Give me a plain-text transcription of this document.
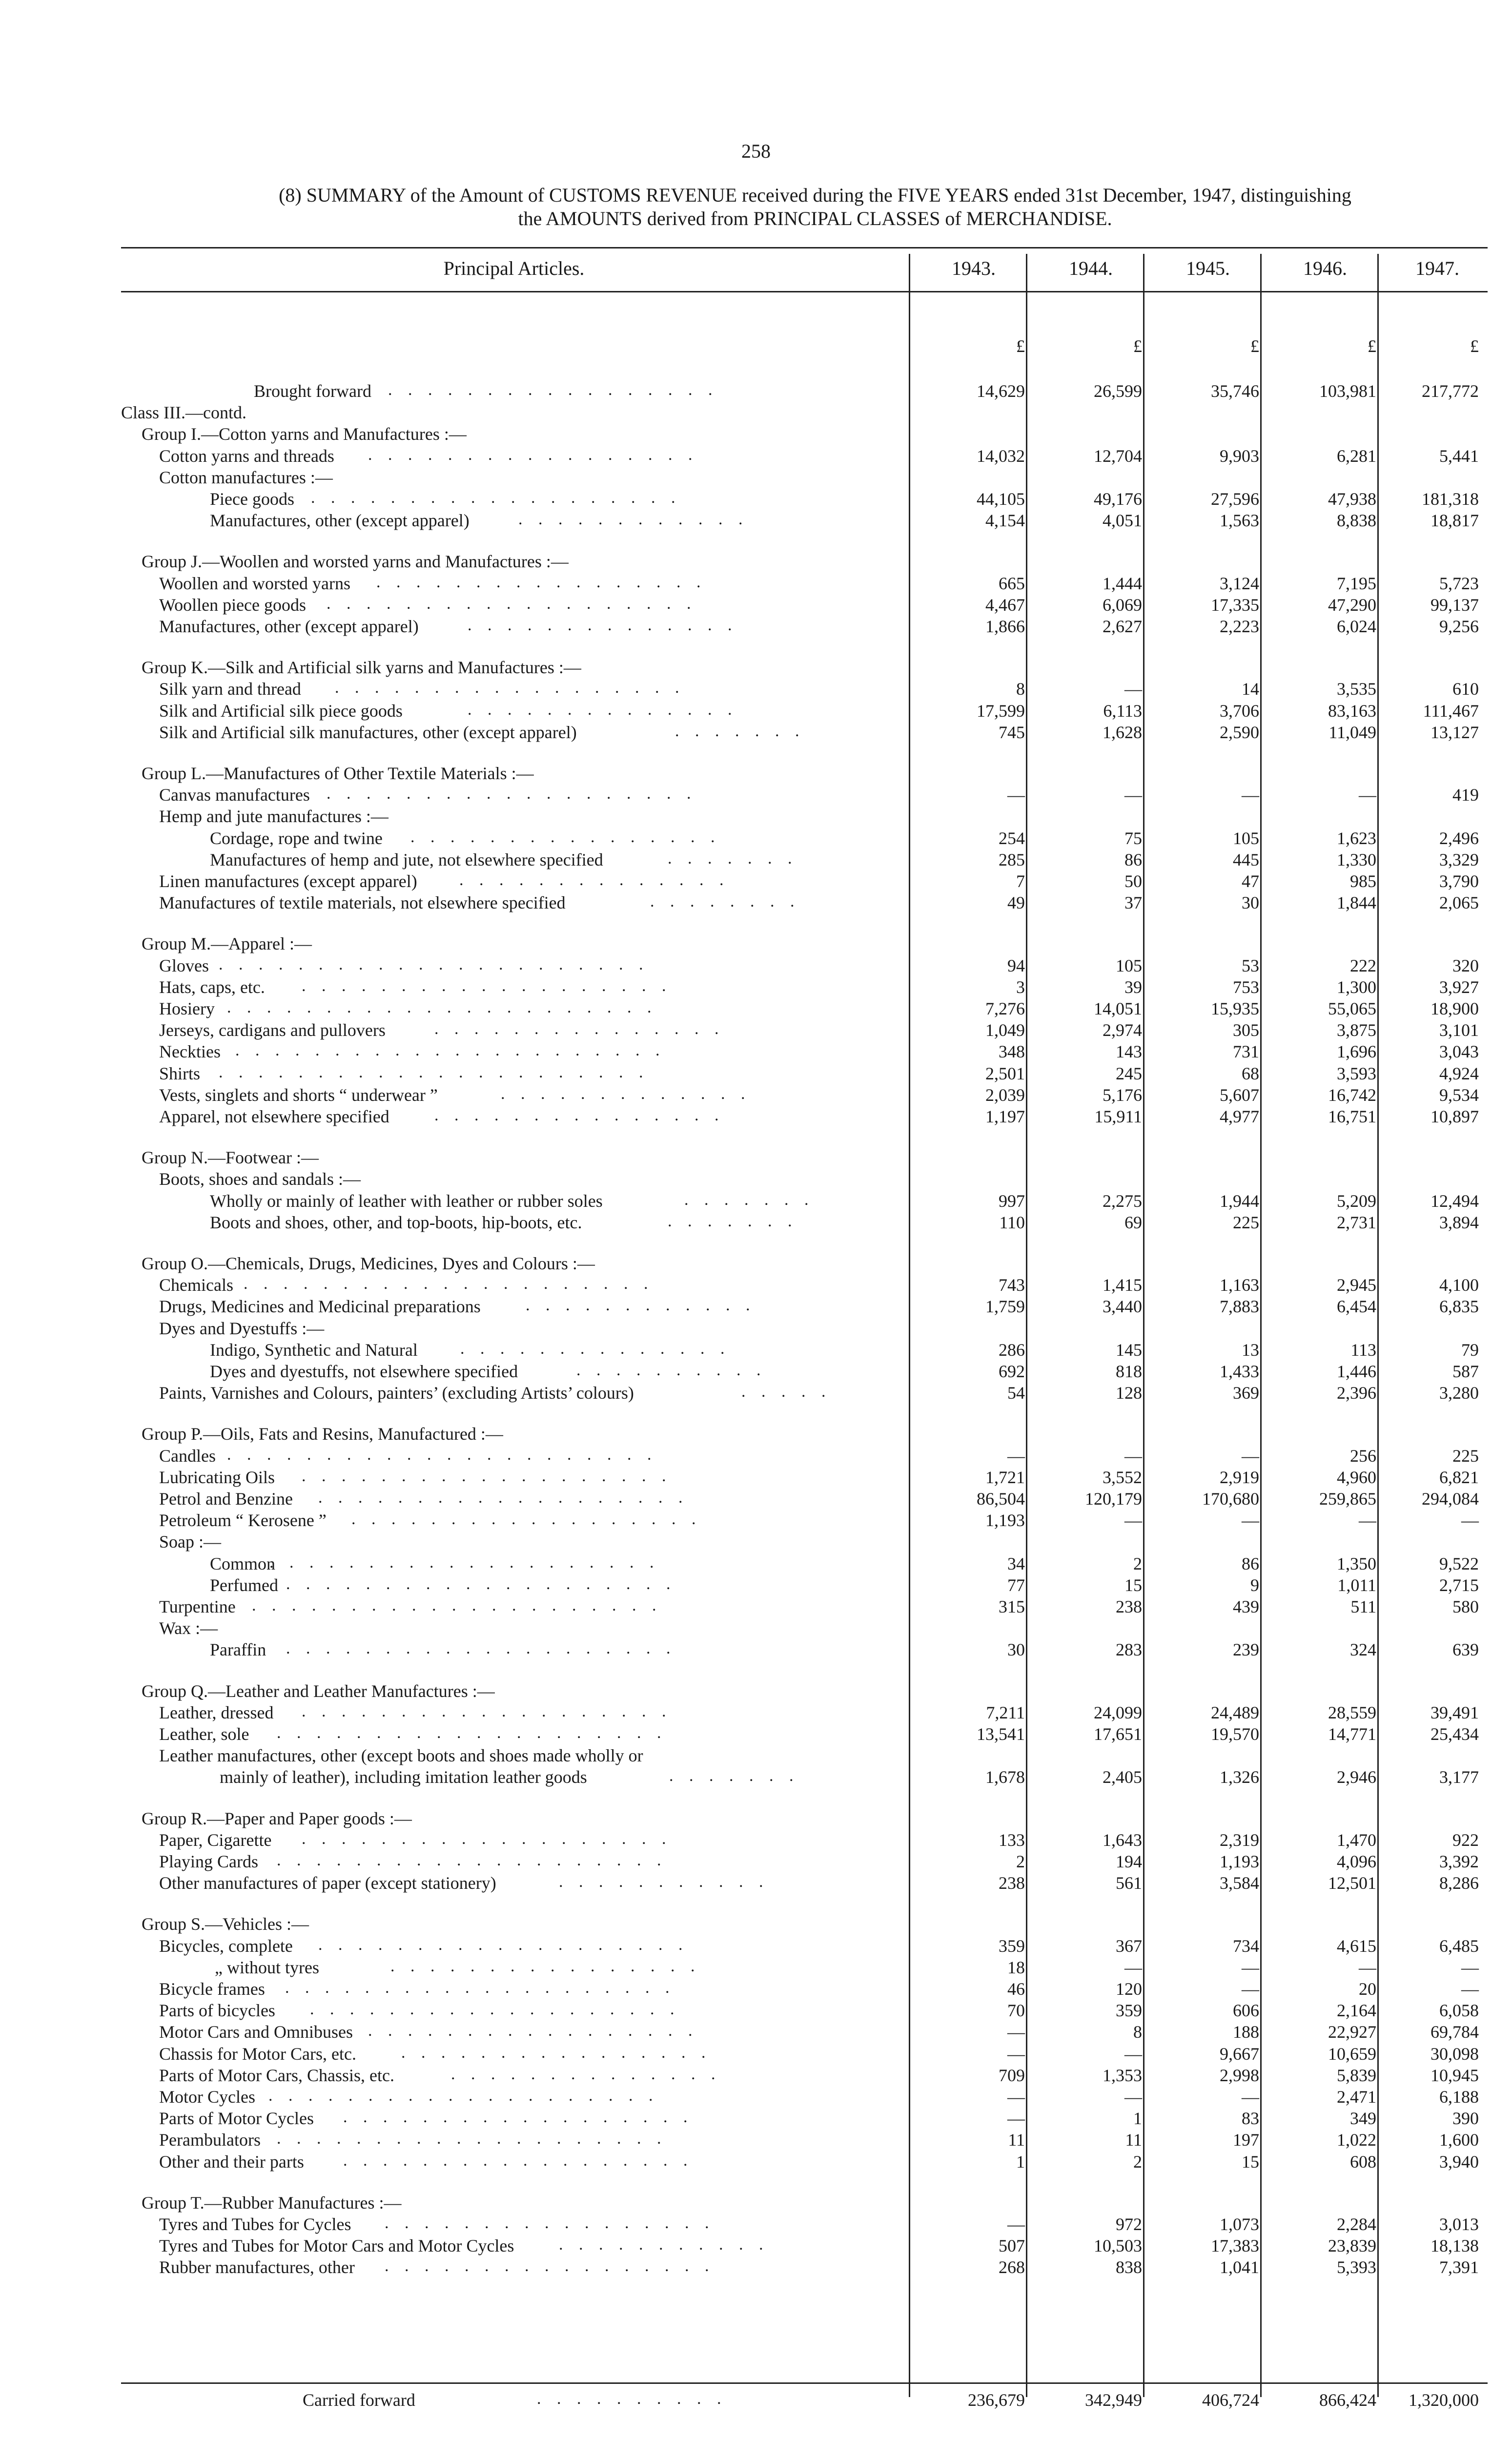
258
(8) SUMMARY of the Amount of CUSTOMS REVENUE received during the FIVE YEARS ended 31st December, 1947, distinguishing
the AMOUNTS derived from PRINCIPAL CLASSES of MERCHANDISE.
Principal Articles.	1943.	1944.	1945.	1946.	1947.
£	£	£	£	£
Brought forward . . . . . . . . . . . . . . . . .	14,629	26,599	35,746	103,981	217,772
Class III.—contd.
Group I.—Cotton yarns and Manufactures :—
Cotton yarns and threads . . . . . . . . . . . . . . . . .	14,032	12,704	9,903	6,281	5,441
Cotton manufactures :—
Piece goods . . . . . . . . . . . . . . . . . . .	44,105	49,176	27,596	47,938	181,318
Manufactures, other (except apparel)	. . . . . . . . . . . .	4,154	4,051	1,563	8,838	18,817
Group J.—Woollen and worsted yarns and Manufactures :—
Woollen and worsted yarns . . . . . . . . . . . . . . . . .	665	1,444	3,124	7,195	5,723
Woollen piece goods . . . . . . . . . . . . . . . . . . .	4,467	6,069	17,335	47,290	99,137
Manufactures, other (except apparel)	. . . . . . . . . . . . . .	1,866	2,627	2,223	6,024	9,256
Group K.—Silk and Artificial silk yarns and Manufactures :—
Silk yarn and thread . . . . . . . . . . . . . . . . . .	8	—	14	3,535	610
Silk and Artificial silk piece goods	. . . . . . . . . . . . . .	17,599	6,113	3,706	83,163	111,467
Silk and Artificial silk manufactures, other (except apparel)	. . . . . . .	745	1,628	2,590	11,049	13,127
Group L.—Manufactures of Other Textile Materials :—
Canvas manufactures . . . . . . . . . . . . . . . . . . .	—	—	—	—	419
Hemp and jute manufactures :—
Cordage, rope and twine . . . . . . . . . . . . . . . .	254	75	105	1,623	2,496
Manufactures of hemp and jute, not elsewhere specified	. . . . . . .	285	86	445	1,330	3,329
Linen manufactures (except apparel)	. . . . . . . . . . . . . .	7	50	47	985	3,790
Manufactures of textile materials, not elsewhere specified	. . . . . . . .	49	37	30	1,844	2,065
Group M.—Apparel :—
Gloves . . . . . . . . . . . . . . . . . . . . . .	94	105	53	222	320
Hats, caps, etc. . . . . . . . . . . . . . . . . . . .	3	39	753	1,300	3,927
Hosiery . . . . . . . . . . . . . . . . . . . . . .	7,276	14,051	15,935	55,065	18,900
Jerseys, cardigans and pullovers	. . . . . . . . . . . . . . .	1,049	2,974	305	3,875	3,101
Neckties . . . . . . . . . . . . . . . . . . . . . .	348	143	731	1,696	3,043
Shirts . . . . . . . . . . . . . . . . . . . . . .	2,501	245	68	3,593	4,924
Vests, singlets and shorts “ underwear ”	. . . . . . . . . . . . .	2,039	5,176	5,607	16,742	9,534
Apparel, not elsewhere specified	. . . . . . . . . . . . . . .	1,197	15,911	4,977	16,751	10,897
Group N.—Footwear :—
Boots, shoes and sandals :—
Wholly or mainly of leather with leather or rubber soles	. . . . . . .	997	2,275	1,944	5,209	12,494
Boots and shoes, other, and top-boots, hip-boots, etc.	. . . . . . .	110	69	225	2,731	3,894
Group O.—Chemicals, Drugs, Medicines, Dyes and Colours :—
Chemicals . . . . . . . . . . . . . . . . . . . . .	743	1,415	1,163	2,945	4,100
Drugs, Medicines and Medicinal preparations	. . . . . . . . . . . .	1,759	3,440	7,883	6,454	6,835
Dyes and Dyestuffs :—
Indigo, Synthetic and Natural	. . . . . . . . . . . . . .	286	145	13	113	79
Dyes and dyestuffs, not elsewhere specified	. . . . . . . . . .	692	818	1,433	1,446	587
Paints, Varnishes and Colours, painters’ (excluding Artists’ colours)	. . . . .	54	128	369	2,396	3,280
Group P.—Oils, Fats and Resins, Manufactured :—
Candles . . . . . . . . . . . . . . . . . . . . . .	—	—	—	256	225
Lubricating Oils . . . . . . . . . . . . . . . . . . .	1,721	3,552	2,919	4,960	6,821
Petrol and Benzine . . . . . . . . . . . . . . . . . . .	86,504	120,179	170,680	259,865	294,084
Petroleum “ Kerosene ” . . . . . . . . . . . . . . . . . .	1,193	—	—	—	—
Soap :—
Common
. . . . . . . . . . . . . . . . . . . .	34	2	86	1,350	9,522
Perfumed . . . . . . . . . . . . . . . . . . . .	77	15	9	1,011	2,715
Turpentine . . . . . . . . . . . . . . . . . . . . .	315	238	439	511	580
Wax :—
Paraffin . . . . . . . . . . . . . . . . . . . .	30	283	239	324	639
Group Q.—Leather and Leather Manufactures :—
Leather, dressed . . . . . . . . . . . . . . . . . . .	7,211	24,099	24,489	28,559	39,491
Leather, sole . . . . . . . . . . . . . . . . . . . .	13,541	17,651	19,570	14,771	25,434
Leather manufactures, other (except boots and shoes made wholly or
mainly of leather), including imitation leather goods	. . . . . . .	1,678	2,405	1,326	2,946	3,177
Group R.—Paper and Paper goods :—
Paper, Cigarette . . . . . . . . . . . . . . . . . . .	133	1,643	2,319	1,470	922
Playing Cards . . . . . . . . . . . . . . . . . . . .	2	194	1,193	4,096	3,392
Other manufactures of paper (except stationery)	. . . . . . . . . . .	238	561	3,584	12,501	8,286
Group S.—Vehicles :—
Bicycles, complete . . . . . . . . . . . . . . . . . . .	359	367	734	4,615	6,485
„ without tyres	. . . . . . . . . . . . . . . .	18	—	—	—	—
Bicycle frames . . . . . . . . . . . . . . . . . . . .	46	120	—	20	—
Parts of bicycles . . . . . . . . . . . . . . . . . . .	70	359	606	2,164	6,058
Motor Cars and Omnibuses . . . . . . . . . . . . . . . . .	—	8	188	22,927	69,784
Chassis for Motor Cars, etc.	. . . . . . . . . . . . . . . .	—	—	9,667	10,659	30,098
Parts of Motor Cars, Chassis, etc.	. . . . . . . . . . . . . .	709	1,353	2,998	5,839	10,945
Motor Cycles . . . . . . . . . . . . . . . . . . . .	—	—	—	2,471	6,188
Parts of Motor Cycles . . . . . . . . . . . . . . . . . .	—	1	83	349	390
Perambulators . . . . . . . . . . . . . . . . . . . .	11	11	197	1,022	1,600
Other and their parts . . . . . . . . . . . . . . . . . .	1	2	15	608	3,940
Group T.—Rubber Manufactures :—
Tyres and Tubes for Cycles . . . . . . . . . . . . . . . . .	—	972	1,073	2,284	3,013
Tyres and Tubes for Motor Cars and Motor Cycles	. . . . . . . . . . .	507	10,503	17,383	23,839	18,138
Rubber manufactures, other . . . . . . . . . . . . . . . . .	268	838	1,041	5,393	7,391
Carried forward	. . . . . . . . . .	236,679	342,949	406,724	866,424	1,320,000
